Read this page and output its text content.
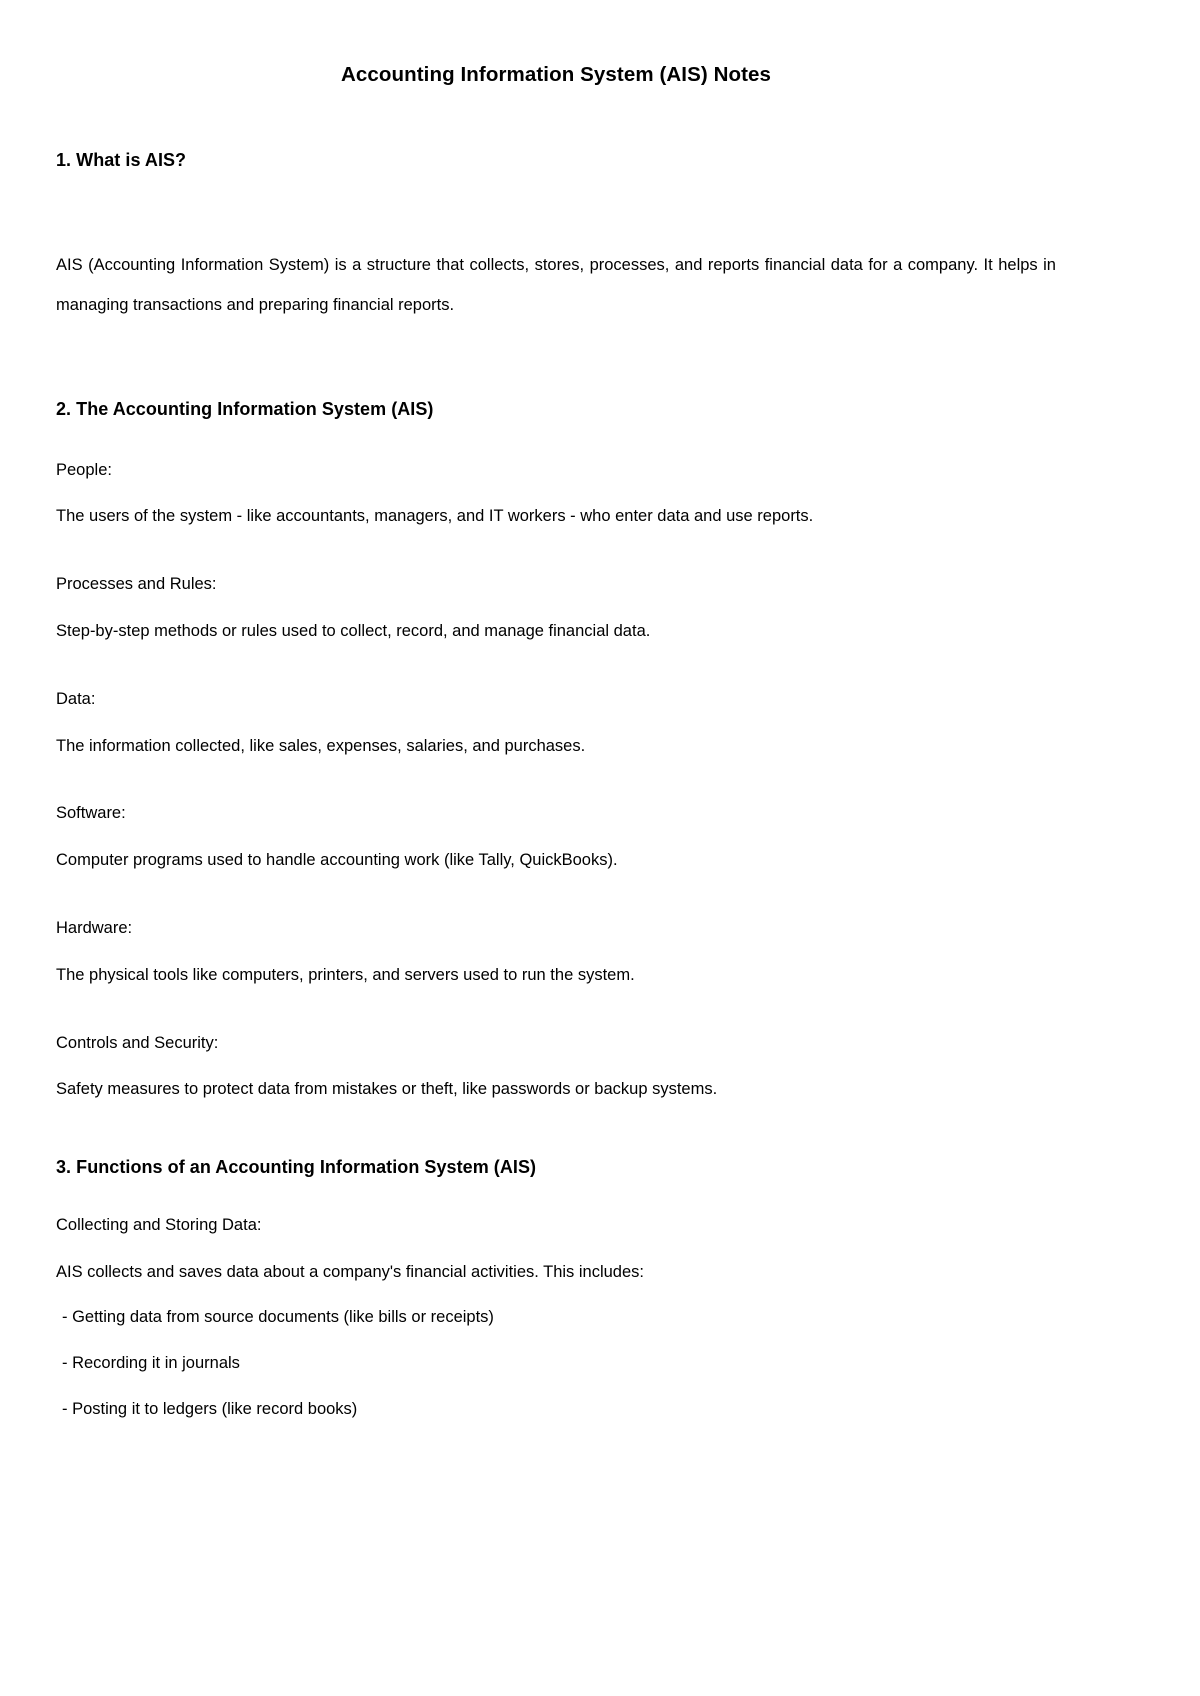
Accounting Information System (AIS) Notes
1. What is AIS?

AIS (Accounting Information System) is a structure that collects, stores, processes, and reports financial data for a company. It helps in managing transactions and preparing financial reports.

2. The Accounting Information System (AIS)

People:

The users of the system - like accountants, managers, and IT workers - who enter data and use reports.

Processes and Rules:

Step-by-step methods or rules used to collect, record, and manage financial data.

Data:

The information collected, like sales, expenses, salaries, and purchases.

Software:

Computer programs used to handle accounting work (like Tally, QuickBooks).

Hardware:

The physical tools like computers, printers, and servers used to run the system.

Controls and Security:

Safety measures to protect data from mistakes or theft, like passwords or backup systems.

3. Functions of an Accounting Information System (AIS)

Collecting and Storing Data:

AIS collects and saves data about a company's financial activities. This includes:

- Getting data from source documents (like bills or receipts)

- Recording it in journals

- Posting it to ledgers (like record books)
